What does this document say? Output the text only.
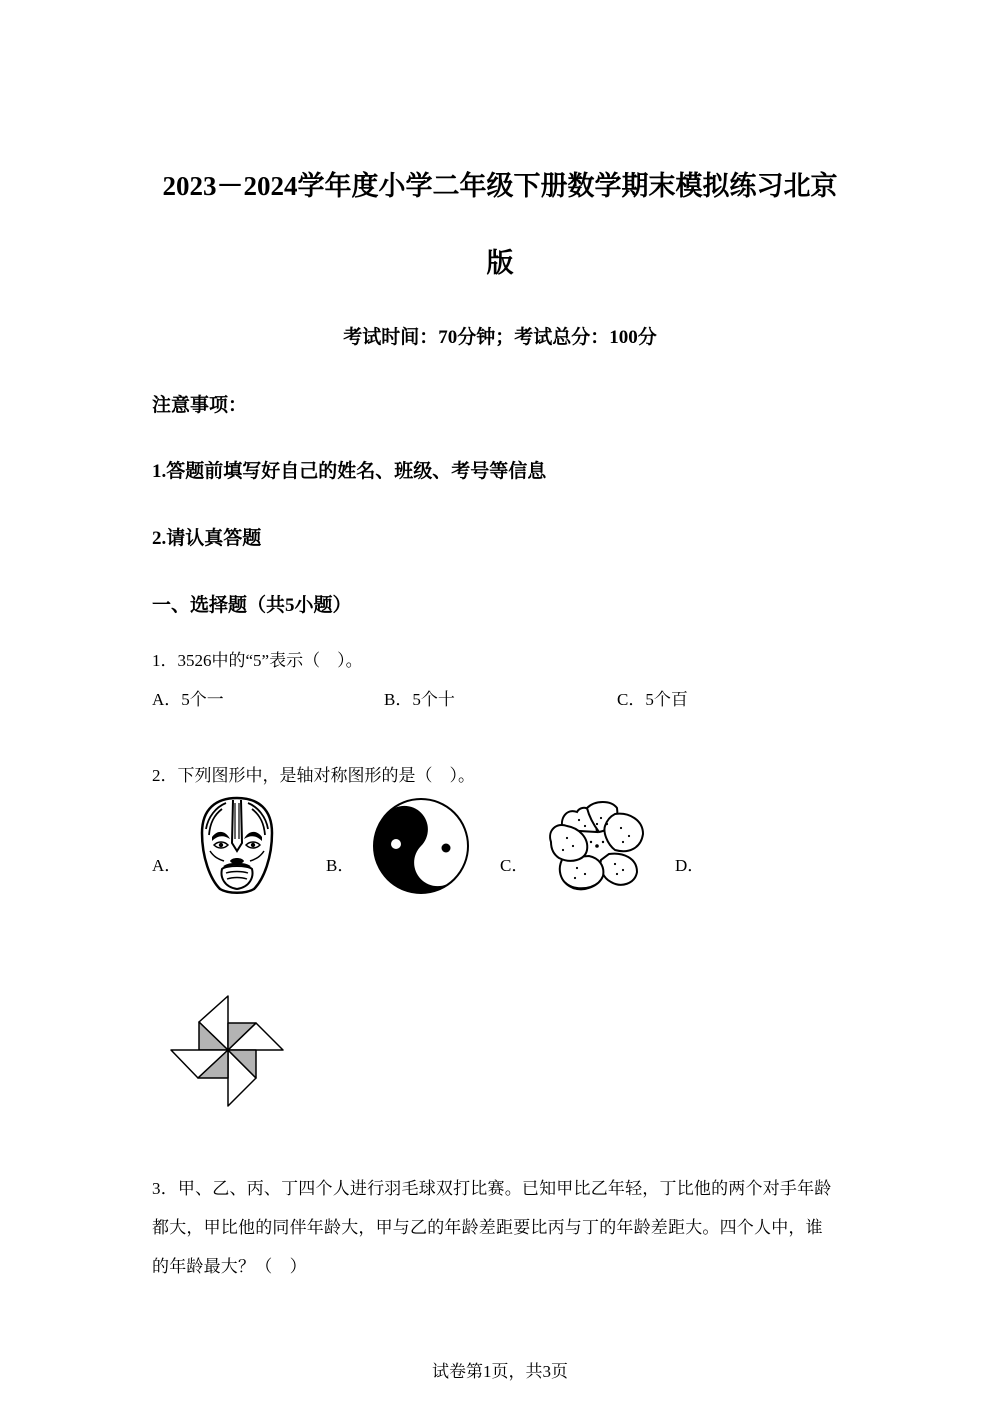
2023－2024学年度小学二年级下册数学期末模拟练习北京
版
考试时间：70分钟；考试总分：100分
注意事项：
1.答题前填写好自己的姓名、班级、考号等信息
2.请认真答题
一、选择题（共5小题）
1．3526中的“5”表示（　）。
A．5个一	B．5个十	C．5个百
2．下列图形中，是轴对称图形的是（　）。
A．	B．	C．	D．
3．甲、乙、丙、丁四个人进行羽毛球双打比赛。已知甲比乙年轻，丁比他的两个对手年龄
都大，甲比他的同伴年龄大，甲与乙的年龄差距要比丙与丁的年龄差距大。四个人中，谁
的年龄最大？（　）
试卷第1页，共3页
